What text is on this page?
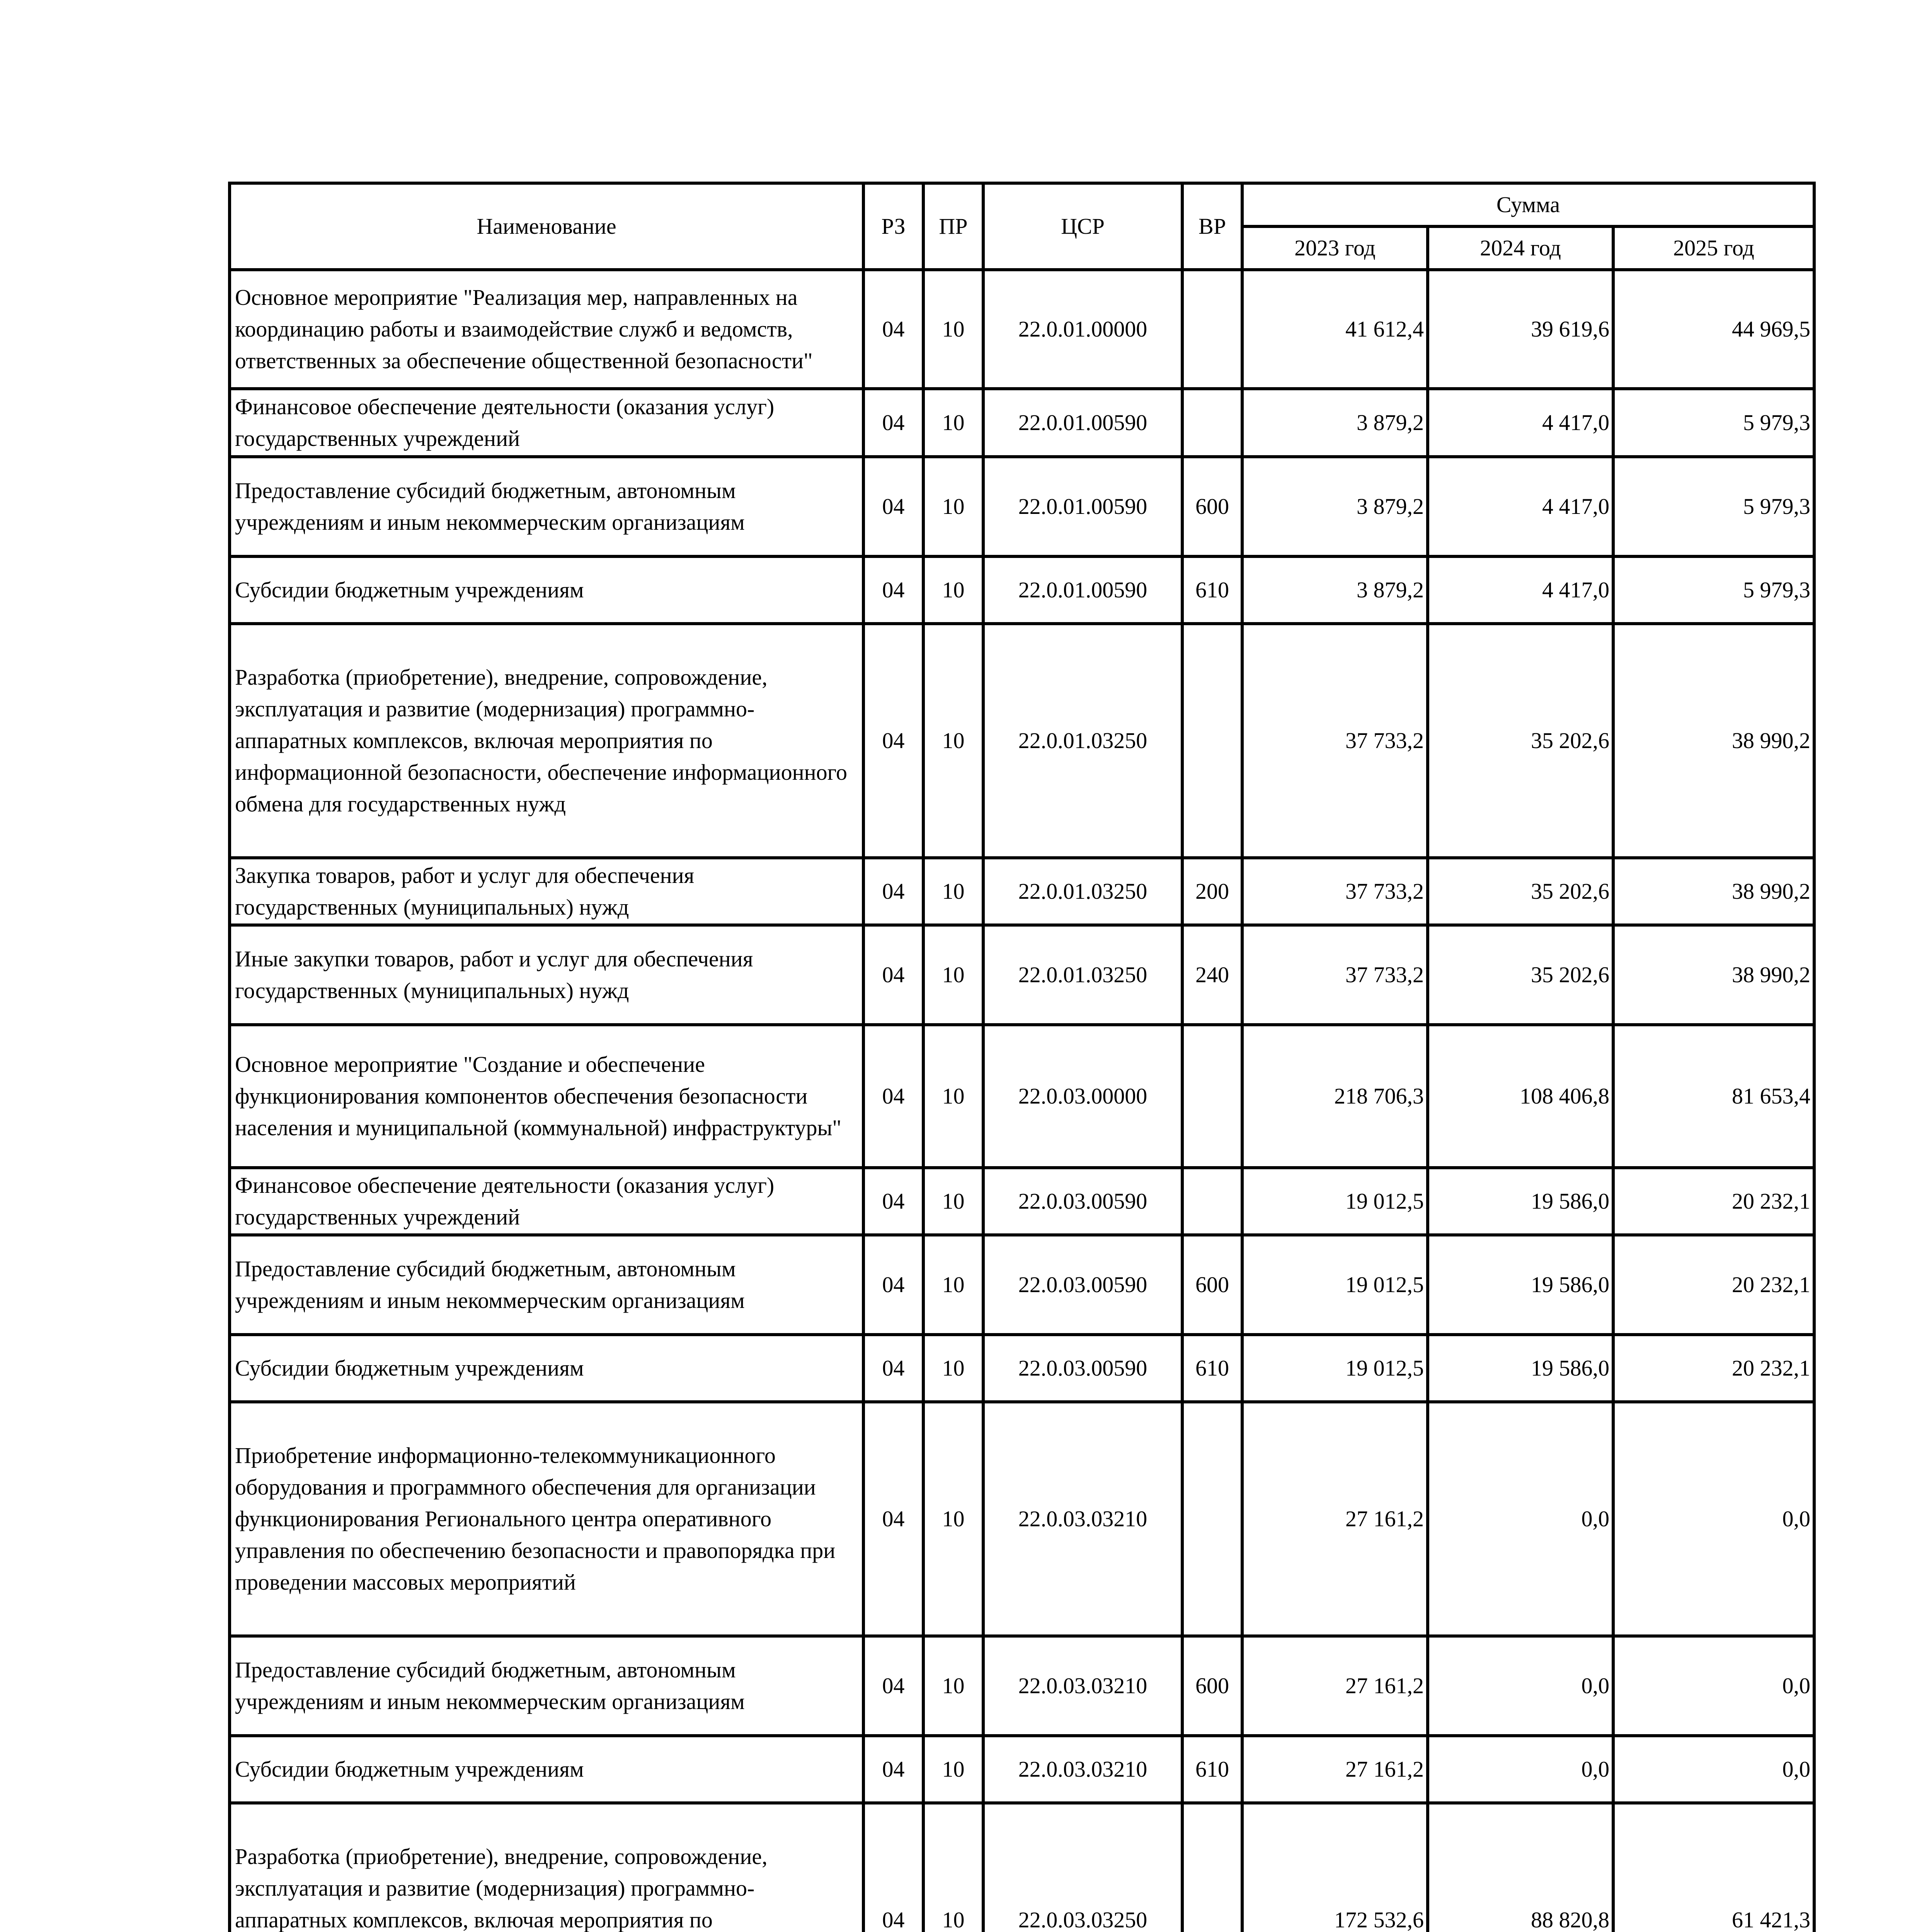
Наименование	РЗ	ПР	ЦСР	ВР	Сумма		
					2023 год	2024 год	2025 год
Основное мероприятие "Реализация мер, направленных на координацию работы и взаимодействие служб и ведомств, ответственных за обеспечение общественной безопасности"	04	10	22.0.01.00000		41 612,4	39 619,6	44 969,5
Финансовое обеспечение деятельности (оказания услуг) государственных учреждений	04	10	22.0.01.00590		3 879,2	4 417,0	5 979,3
Предоставление субсидий бюджетным, автономным учреждениям и иным некоммерческим организациям	04	10	22.0.01.00590	600	3 879,2	4 417,0	5 979,3
Субсидии бюджетным учреждениям	04	10	22.0.01.00590	610	3 879,2	4 417,0	5 979,3
Разработка (приобретение), внедрение, сопровождение, эксплуатация и развитие (модернизация) программно-аппаратных комплексов, включая мероприятия по информационной безопасности, обеспечение информационного обмена для государственных нужд	04	10	22.0.01.03250		37 733,2	35 202,6	38 990,2
Закупка товаров, работ и услуг для обеспечения государственных (муниципальных) нужд	04	10	22.0.01.03250	200	37 733,2	35 202,6	38 990,2
Иные закупки товаров, работ и услуг для обеспечения государственных (муниципальных) нужд	04	10	22.0.01.03250	240	37 733,2	35 202,6	38 990,2
Основное мероприятие "Создание и обеспечение функционирования компонентов обеспечения безопасности населения и муниципальной (коммунальной) инфраструктуры"	04	10	22.0.03.00000		218 706,3	108 406,8	81 653,4
Финансовое обеспечение деятельности (оказания услуг) государственных учреждений	04	10	22.0.03.00590		19 012,5	19 586,0	20 232,1
Предоставление субсидий бюджетным, автономным учреждениям и иным некоммерческим организациям	04	10	22.0.03.00590	600	19 012,5	19 586,0	20 232,1
Субсидии бюджетным учреждениям	04	10	22.0.03.00590	610	19 012,5	19 586,0	20 232,1
Приобретение информационно-телекоммуникационного оборудования и программного обеспечения для организации функционирования Регионального центра оперативного управления по обеспечению безопасности и правопорядка при проведении массовых мероприятий	04	10	22.0.03.03210		27 161,2	0,0	0,0
Предоставление субсидий бюджетным, автономным учреждениям и иным некоммерческим организациям	04	10	22.0.03.03210	600	27 161,2	0,0	0,0
Субсидии бюджетным учреждениям	04	10	22.0.03.03210	610	27 161,2	0,0	0,0
Разработка (приобретение), внедрение, сопровождение, эксплуатация и развитие (модернизация) программно-аппаратных комплексов, включая мероприятия по	04	10	22.0.03.03250		172 532,6	88 820,8	61 421,3
